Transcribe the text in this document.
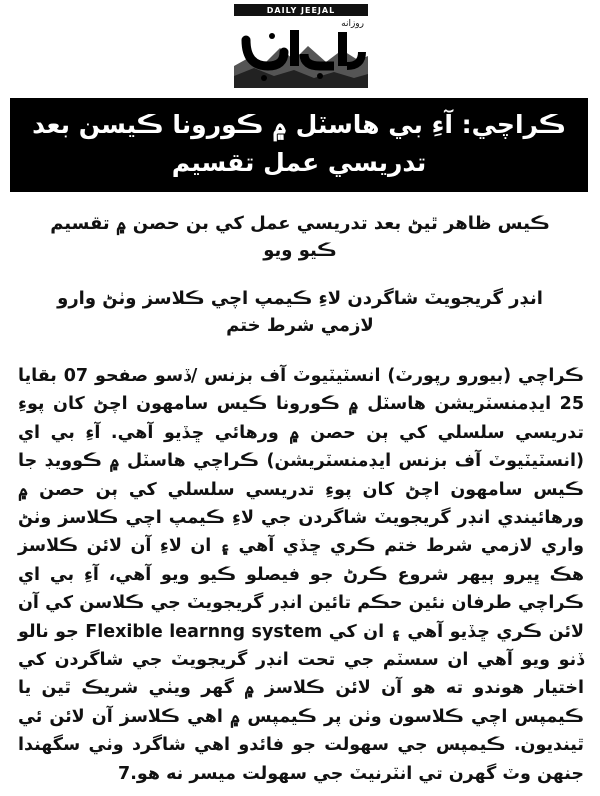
DAILY JEEJAL
روزانه
ڪراچي: آءِ بي هاسٽل ۾ ڪورونا ڪيسن بعد تدريسي عمل تقسيم
ڪيس ظاهر ٿيڻ بعد تدريسي عمل کي بن حصن ۾ تقسيم ڪيو ويو
انڊر گريجويٽ شاگردن لاءِ ڪيمپ اچي ڪلاسز وٺڻ وارو لازمي شرط ختم
ڪراچي (بيورو رپورٽ) انسٽيٽيوٽ آف بزنس /ڏسو صفحو 07 بقايا 25 ايڊمنسٽريشن هاسٽل ۾ ڪورونا ڪيس سامهون اچڻ کان پوءِ تدريسي سلسلي کي ٻن حصن ۾ ورهائي ڇڏيو آهي. آءِ بي اي (انسٽيٽيوٽ آف بزنس ايڊمنسٽريشن) ڪراچي هاسٽل ۾ ڪوويڊ جا ڪيس سامهون اچڻ کان پوءِ تدريسي سلسلي کي ٻن حصن ۾ ورهائيندي انڊر گريجويٽ شاگردن جي لاءِ ڪيمپ اچي ڪلاسز وٺڻ واري لازمي شرط ختم ڪري ڇڏي آهي ۽ ان لاءِ آن لائن ڪلاسز هڪ ڀيرو ٻيهر شروع ڪرڻ جو فيصلو ڪيو ويو آهي، آءِ بي اي ڪراچي طرفان نئين حڪم تائين انڊر گريجويٽ جي ڪلاسن کي آن لائن ڪري ڇڏيو آهي ۽ ان کي Flexible learnng system جو نالو ڏنو ويو آهي ان سسٽم جي تحت انڊر گريجويٽ جي شاگردن کي اختيار هوندو ته هو آن لائن ڪلاسز ۾ گهر ويٺي شريڪ ٿين يا ڪيمپس اچي ڪلاسون وٺن پر ڪيمپس ۾ اهي ڪلاسز آن لائن ئي ٿينديون. ڪيمپس جي سهولت جو فائدو اهي شاگرد وٺي سگهندا جنهن وٽ گهرن تي انٽرنيٽ جي سهولت ميسر نه هو.7
